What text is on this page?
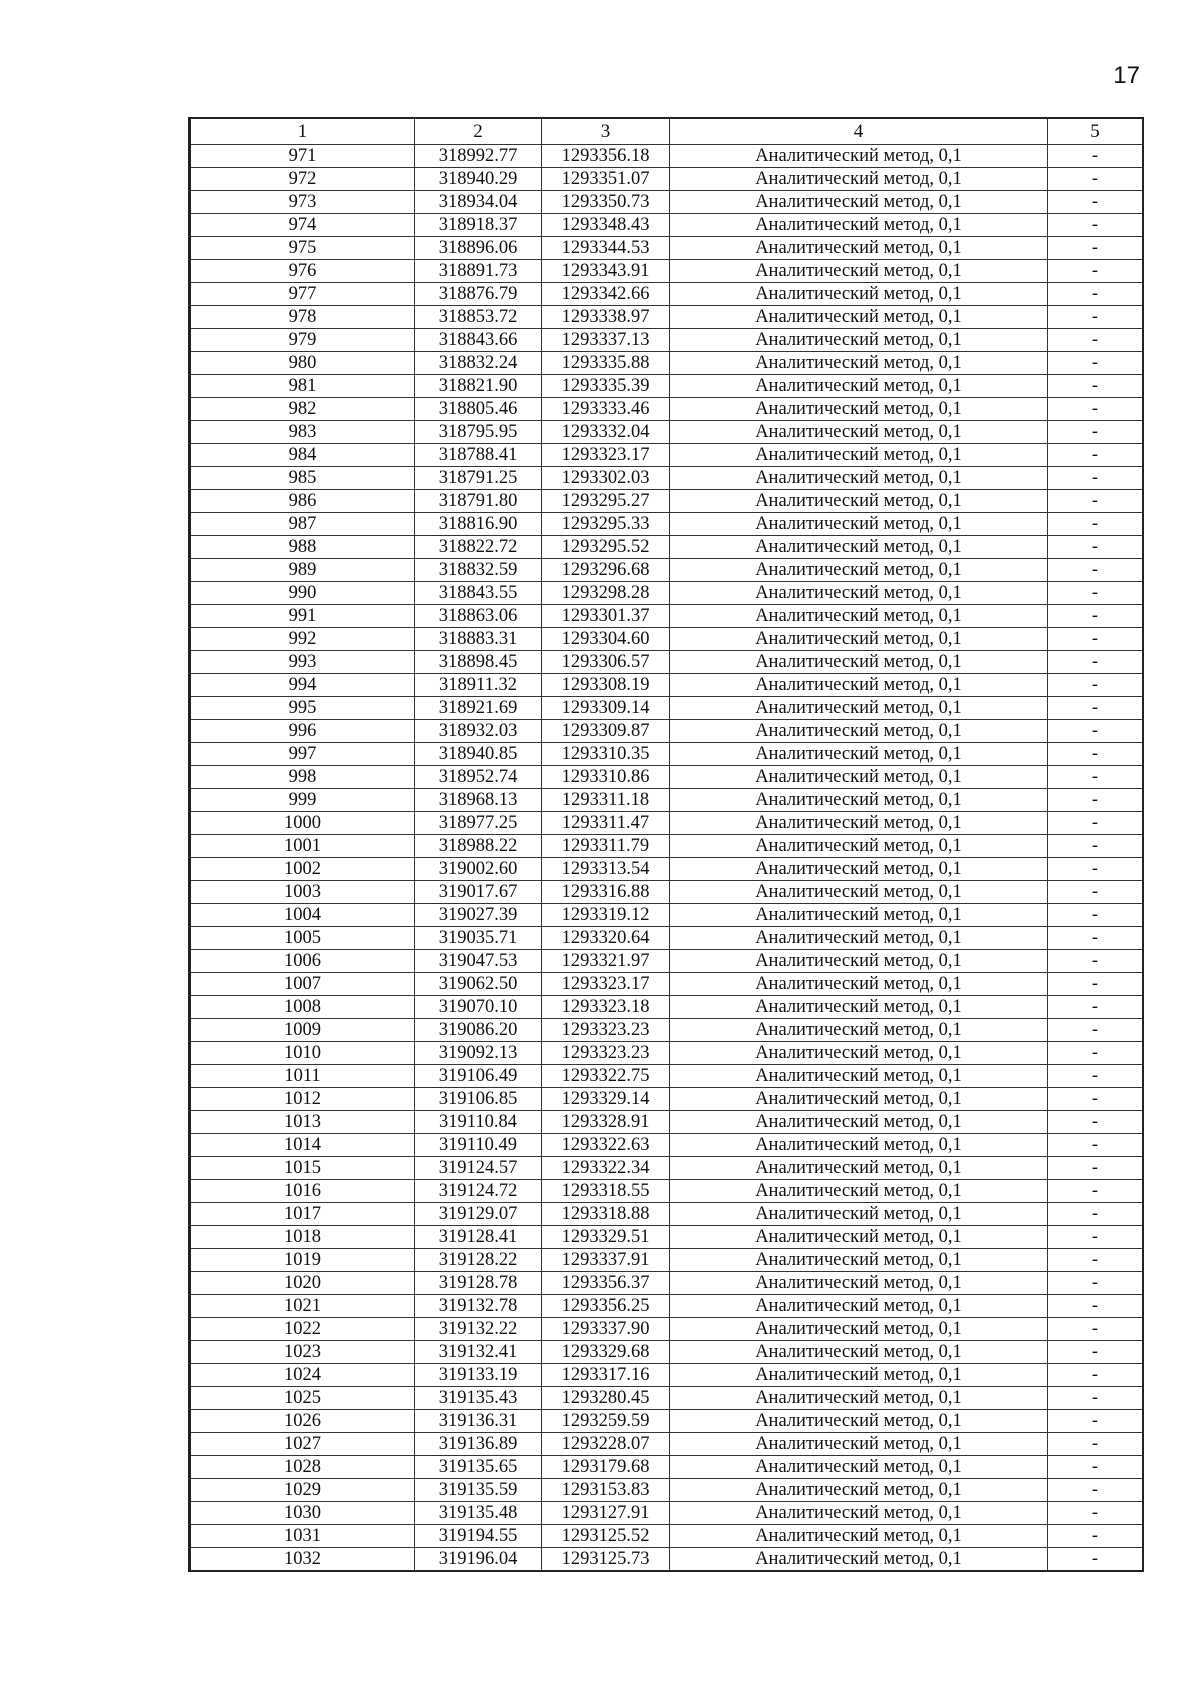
17
1	2	3	4	5
971	318992.77	1293356.18	Аналитический метод, 0,1	-
972	318940.29	1293351.07	Аналитический метод, 0,1	-
973	318934.04	1293350.73	Аналитический метод, 0,1	-
974	318918.37	1293348.43	Аналитический метод, 0,1	-
975	318896.06	1293344.53	Аналитический метод, 0,1	-
976	318891.73	1293343.91	Аналитический метод, 0,1	-
977	318876.79	1293342.66	Аналитический метод, 0,1	-
978	318853.72	1293338.97	Аналитический метод, 0,1	-
979	318843.66	1293337.13	Аналитический метод, 0,1	-
980	318832.24	1293335.88	Аналитический метод, 0,1	-
981	318821.90	1293335.39	Аналитический метод, 0,1	-
982	318805.46	1293333.46	Аналитический метод, 0,1	-
983	318795.95	1293332.04	Аналитический метод, 0,1	-
984	318788.41	1293323.17	Аналитический метод, 0,1	-
985	318791.25	1293302.03	Аналитический метод, 0,1	-
986	318791.80	1293295.27	Аналитический метод, 0,1	-
987	318816.90	1293295.33	Аналитический метод, 0,1	-
988	318822.72	1293295.52	Аналитический метод, 0,1	-
989	318832.59	1293296.68	Аналитический метод, 0,1	-
990	318843.55	1293298.28	Аналитический метод, 0,1	-
991	318863.06	1293301.37	Аналитический метод, 0,1	-
992	318883.31	1293304.60	Аналитический метод, 0,1	-
993	318898.45	1293306.57	Аналитический метод, 0,1	-
994	318911.32	1293308.19	Аналитический метод, 0,1	-
995	318921.69	1293309.14	Аналитический метод, 0,1	-
996	318932.03	1293309.87	Аналитический метод, 0,1	-
997	318940.85	1293310.35	Аналитический метод, 0,1	-
998	318952.74	1293310.86	Аналитический метод, 0,1	-
999	318968.13	1293311.18	Аналитический метод, 0,1	-
1000	318977.25	1293311.47	Аналитический метод, 0,1	-
1001	318988.22	1293311.79	Аналитический метод, 0,1	-
1002	319002.60	1293313.54	Аналитический метод, 0,1	-
1003	319017.67	1293316.88	Аналитический метод, 0,1	-
1004	319027.39	1293319.12	Аналитический метод, 0,1	-
1005	319035.71	1293320.64	Аналитический метод, 0,1	-
1006	319047.53	1293321.97	Аналитический метод, 0,1	-
1007	319062.50	1293323.17	Аналитический метод, 0,1	-
1008	319070.10	1293323.18	Аналитический метод, 0,1	-
1009	319086.20	1293323.23	Аналитический метод, 0,1	-
1010	319092.13	1293323.23	Аналитический метод, 0,1	-
1011	319106.49	1293322.75	Аналитический метод, 0,1	-
1012	319106.85	1293329.14	Аналитический метод, 0,1	-
1013	319110.84	1293328.91	Аналитический метод, 0,1	-
1014	319110.49	1293322.63	Аналитический метод, 0,1	-
1015	319124.57	1293322.34	Аналитический метод, 0,1	-
1016	319124.72	1293318.55	Аналитический метод, 0,1	-
1017	319129.07	1293318.88	Аналитический метод, 0,1	-
1018	319128.41	1293329.51	Аналитический метод, 0,1	-
1019	319128.22	1293337.91	Аналитический метод, 0,1	-
1020	319128.78	1293356.37	Аналитический метод, 0,1	-
1021	319132.78	1293356.25	Аналитический метод, 0,1	-
1022	319132.22	1293337.90	Аналитический метод, 0,1	-
1023	319132.41	1293329.68	Аналитический метод, 0,1	-
1024	319133.19	1293317.16	Аналитический метод, 0,1	-
1025	319135.43	1293280.45	Аналитический метод, 0,1	-
1026	319136.31	1293259.59	Аналитический метод, 0,1	-
1027	319136.89	1293228.07	Аналитический метод, 0,1	-
1028	319135.65	1293179.68	Аналитический метод, 0,1	-
1029	319135.59	1293153.83	Аналитический метод, 0,1	-
1030	319135.48	1293127.91	Аналитический метод, 0,1	-
1031	319194.55	1293125.52	Аналитический метод, 0,1	-
1032	319196.04	1293125.73	Аналитический метод, 0,1	-
